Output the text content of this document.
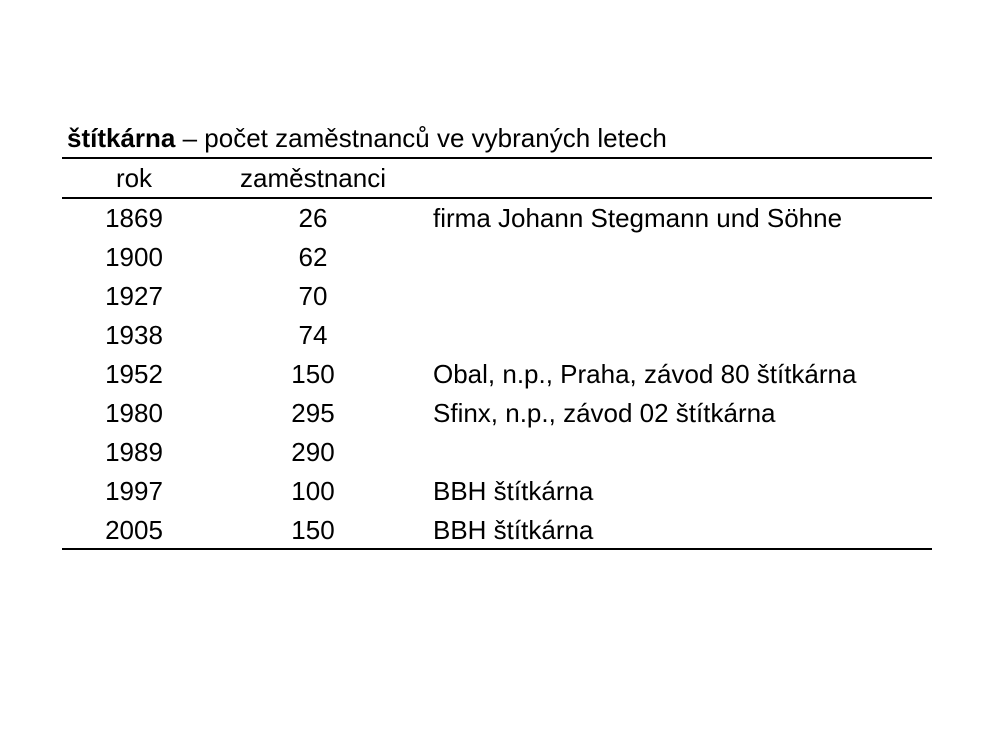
štítkárna – počet zaměstnanců ve vybraných letech
rok	zaměstnanci
1869	26	firma Johann Stegmann und Söhne
1900	62
1927	70
1938	74
1952	150	Obal, n.p., Praha, závod 80 štítkárna
1980	295	Sfinx, n.p., závod 02 štítkárna
1989	290
1997	100	BBH štítkárna
2005	150	BBH štítkárna
